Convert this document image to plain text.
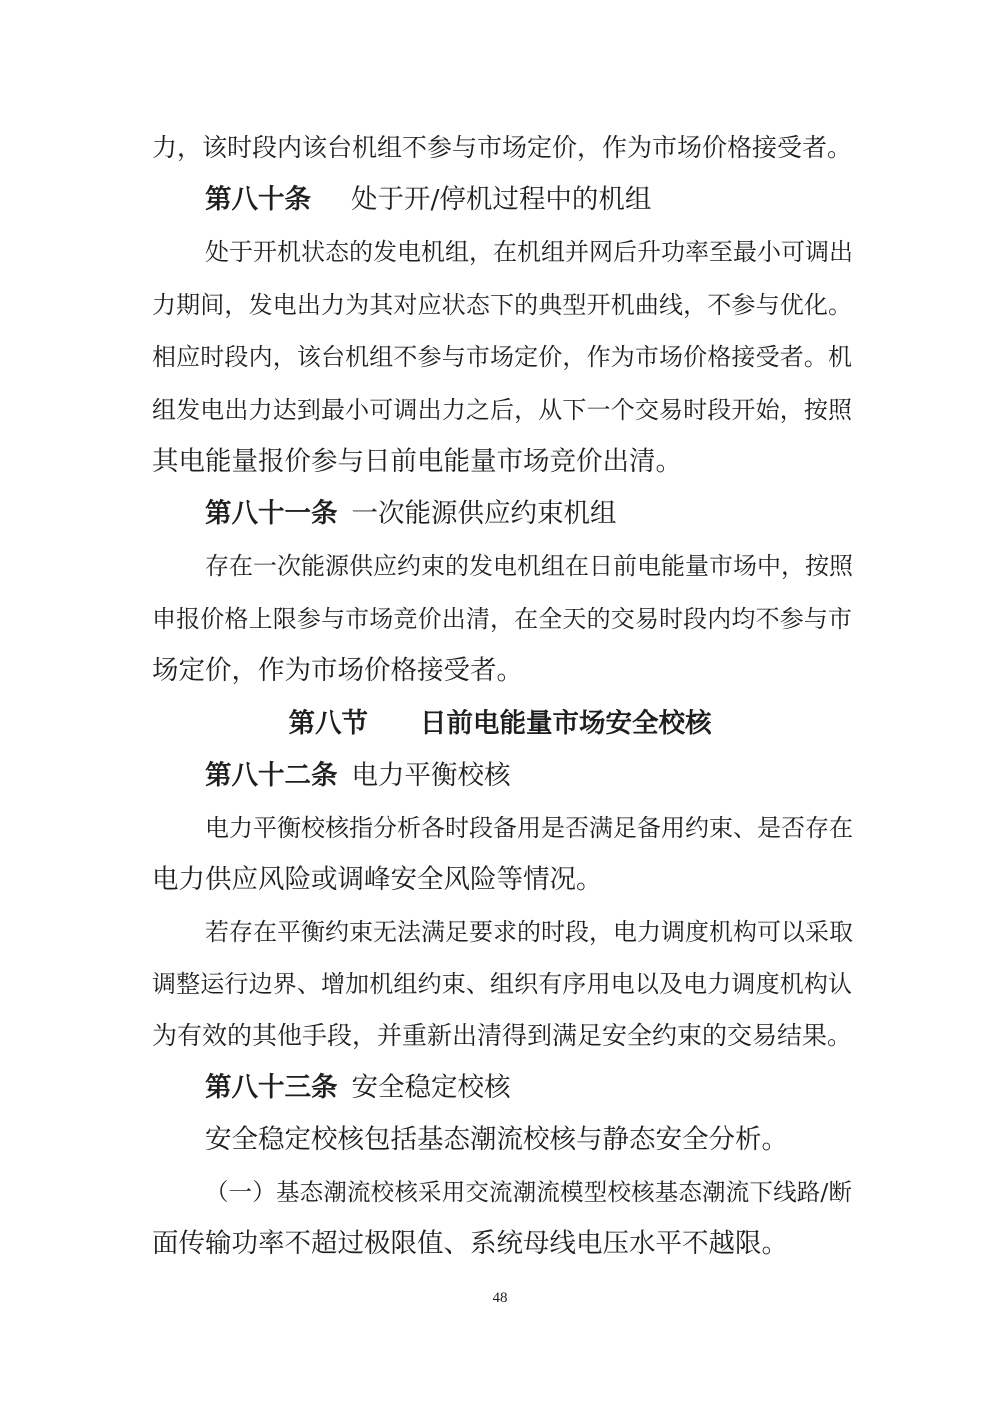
力，该时段内该台机组不参与市场定价，作为市场价格接受者。
第八十条 处于开/停机过程中的机组
处于开机状态的发电机组，在机组并网后升功率至最小可调出
力期间，发电出力为其对应状态下的典型开机曲线，不参与优化。
相应时段内，该台机组不参与市场定价，作为市场价格接受者。机
组发电出力达到最小可调出力之后，从下一个交易时段开始，按照
其电能量报价参与日前电能量市场竞价出清。
第八十一条 一次能源供应约束机组
存在一次能源供应约束的发电机组在日前电能量市场中，按照
申报价格上限参与市场竞价出清，在全天的交易时段内均不参与市
场定价，作为市场价格接受者。
第八节 日前电能量市场安全校核
第八十二条 电力平衡校核
电力平衡校核指分析各时段备用是否满足备用约束、是否存在
电力供应风险或调峰安全风险等情况。
若存在平衡约束无法满足要求的时段，电力调度机构可以采取
调整运行边界、增加机组约束、组织有序用电以及电力调度机构认
为有效的其他手段，并重新出清得到满足安全约束的交易结果。
第八十三条 安全稳定校核
安全稳定校核包括基态潮流校核与静态安全分析。
（一）基态潮流校核采用交流潮流模型校核基态潮流下线路/断
面传输功率不超过极限值、系统母线电压水平不越限。
48
